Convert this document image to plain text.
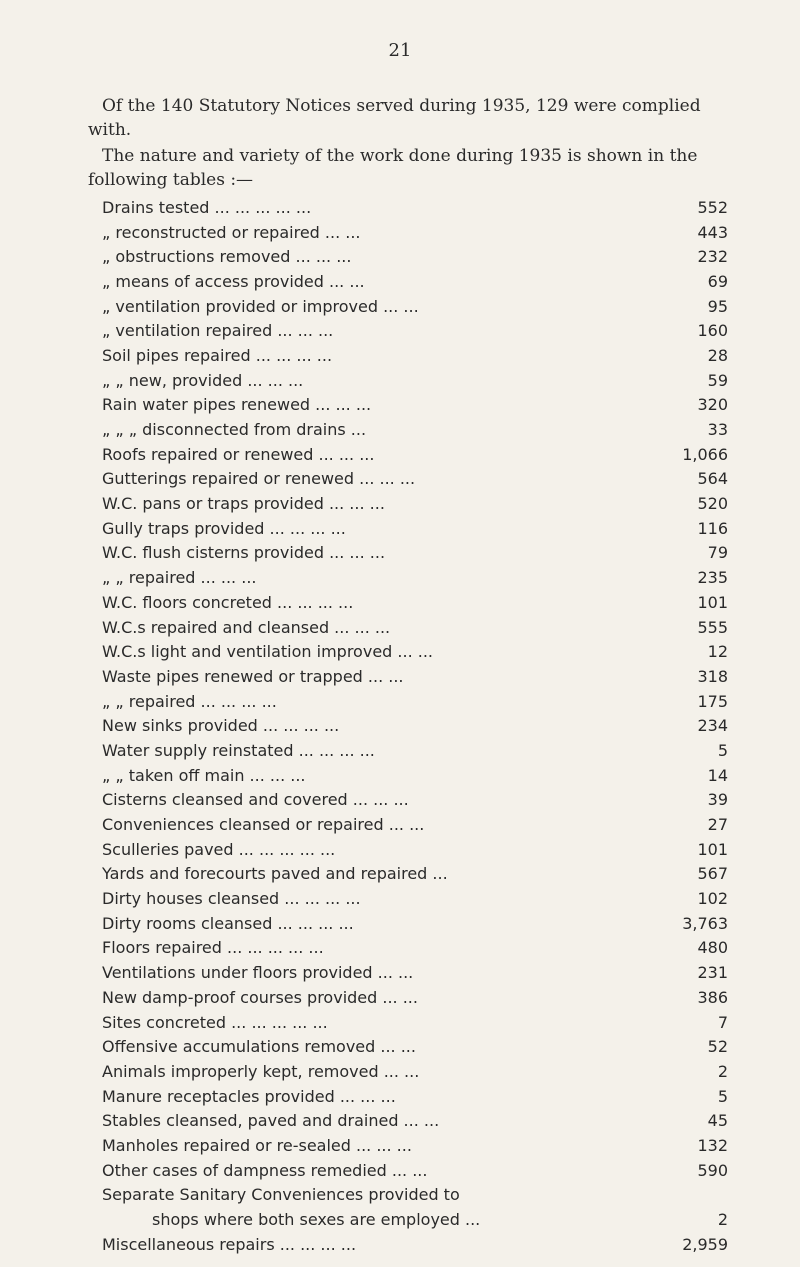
21

Of the 140 Statutory Notices served during 1935, 129 were complied with.

The nature and variety of the work done during 1935 is shown in the following tables :—

Drains tested ... ... ... ... ...	552
„ reconstructed or repaired ... ...	443
„ obstructions removed ... ... ...	232
„ means of access provided ... ...	69
„ ventilation provided or improved ... ...	95
„ ventilation repaired ... ... ...	160
Soil pipes repaired ... ... ... ...	28
„ „ new, provided ... ... ...	59
Rain water pipes renewed ... ... ...	320
„ „ „ disconnected from drains ...	33
Roofs repaired or renewed ... ... ...	1,066
Gutterings repaired or renewed ... ... ...	564
W.C. pans or traps provided ... ... ...	520
Gully traps provided ... ... ... ...	116
W.C. flush cisterns provided ... ... ...	79
„ „ repaired ... ... ...	235
W.C. floors concreted ... ... ... ...	101
W.C.s repaired and cleansed ... ... ...	555
W.C.s light and ventilation improved ... ...	12
Waste pipes renewed or trapped ... ...	318
„ „ repaired ... ... ... ...	175
New sinks provided ... ... ... ...	234
Water supply reinstated ... ... ... ...	5
„ „ taken off main ... ... ...	14
Cisterns cleansed and covered ... ... ...	39
Conveniences cleansed or repaired ... ...	27
Sculleries paved ... ... ... ... ...	101
Yards and forecourts paved and repaired ...	567
Dirty houses cleansed ... ... ... ...	102
Dirty rooms cleansed ... ... ... ...	3,763
Floors repaired ... ... ... ... ...	480
Ventilations under floors provided ... ...	231
New damp-proof courses provided ... ...	386
Sites concreted ... ... ... ... ...	7
Offensive accumulations removed ... ...	52
Animals improperly kept, removed ... ...	2
Manure receptacles provided ... ... ...	5
Stables cleansed, paved and drained ... ...	45
Manholes repaired or re-sealed ... ... ...	132
Other cases of dampness remedied ... ...	590
Separate Sanitary Conveniences provided to	
shops where both sexes are employed ...	2
Miscellaneous repairs ... ... ... ...	2,959
